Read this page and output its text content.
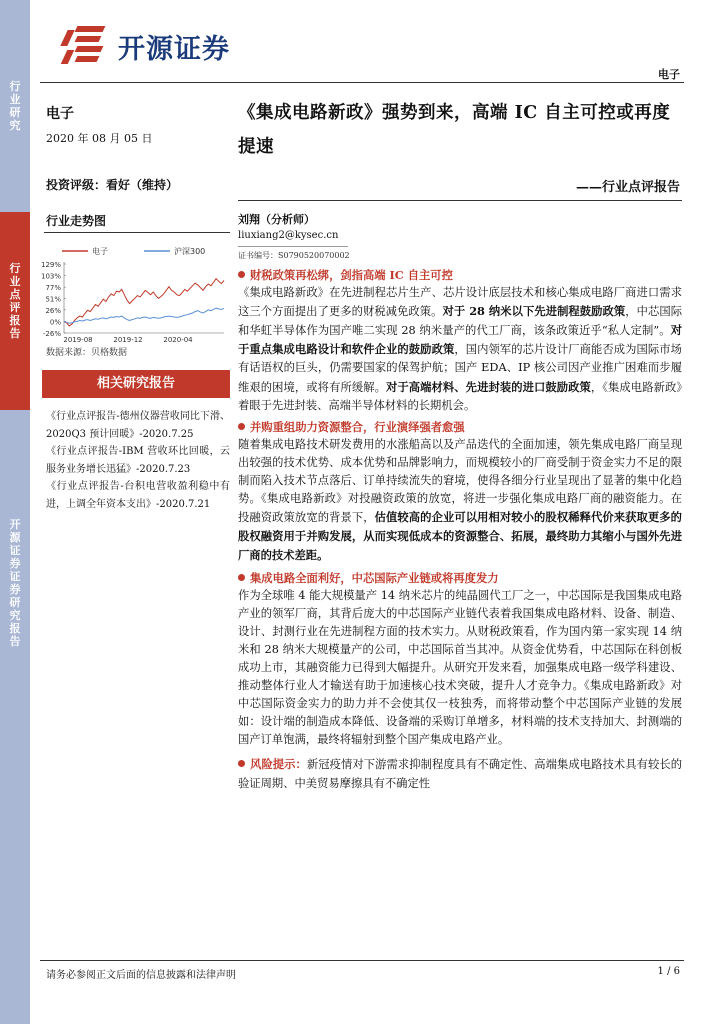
行业研究
行业点评报告
开源证券 证券研究报告
开源证券
电子
电子
2020 年 08 月 05 日
投资评级：看好（维持）
行业走势图
电子	沪深300
129%
103%
77%
51%
26%
0%
-26%
2019-08	2019-12	2020-04
数据来源：贝格数据
相关研究报告

《行业点评报告-德州仪器营收同比下滑、2020Q3 预计回暖》-2020.7.25

《行业点评报告-IBM 营收环比回暖，云服务业务增长迅猛》-2020.7.23

《行业点评报告-台积电营收盈利稳中有进，上调全年资本支出》-2020.7.21

《集成电路新政》强势到来，高端 IC 自主可控或再度提速
——行业点评报告
刘翔（分析师）
liuxiang2@kysec.cn
证书编号：S0790520070002
财税政策再松绑，剑指高端 IC 自主可控
《集成电路新政》在先进制程芯片生产、芯片设计底层技术和核心集成电路厂商进口需求这三个方面提出了更多的财税减免政策。对于 28 纳米以下先进制程鼓励政策，中芯国际和华虹半导体作为国产唯二实现 28 纳米量产的代工厂商，该条政策近乎“私人定制”。对于重点集成电路设计和软件企业的鼓励政策，国内领军的芯片设计厂商能否成为国际市场有话语权的巨头，仍需要国家的保驾护航；国产 EDA、IP 核公司因产业推广困难而步履维艰的困境，或将有所缓解。对于高端材料、先进封装的进口鼓励政策，《集成电路新政》着眼于先进封装、高端半导体材料的长期机会。
并购重组助力资源整合，行业演绎强者愈强
随着集成电路技术研发费用的水涨船高以及产品迭代的全面加速，领先集成电路厂商呈现出较强的技术优势、成本优势和品牌影响力，而规模较小的厂商受制于资金实力不足的限制而陷入技术节点落后、订单持续流失的窘境，使得各细分行业呈现出了显著的集中化趋势。《集成电路新政》对投融资政策的放宽，将进一步强化集成电路厂商的融资能力。在投融资政策放宽的背景下，估值较高的企业可以用相对较小的股权稀释代价来获取更多的股权融资用于并购发展，从而实现低成本的资源整合、拓展，最终助力其缩小与国外先进厂商的技术差距。
集成电路全面利好，中芯国际产业链或将再度发力
作为全球唯 4 能大规模量产 14 纳米芯片的纯晶圆代工厂之一，中芯国际是我国集成电路产业的领军厂商，其背后庞大的中芯国际产业链代表着我国集成电路材料、设备、制造、设计、封测行业在先进制程方面的技术实力。从财税政策看，作为国内第一家实现 14 纳米和 28 纳米大规模量产的公司，中芯国际首当其冲。从资金优势看，中芯国际在科创板成功上市，其融资能力已得到大幅提升。从研究开发来看，加强集成电路一级学科建设、推动整体行业人才输送有助于加速核心技术突破，提升人才竞争力。《集成电路新政》对中芯国际资金实力的助力并不会使其仅一枝独秀，而将带动整个中芯国际产业链的发展如：设计端的制造成本降低、设备端的采购订单增多，材料端的技术支持加大、封测端的国产订单饱满，最终将辐射到整个国产集成电路产业。
风险提示：新冠疫情对下游需求抑制程度具有不确定性、高端集成电路技术具有较长的验证周期、中美贸易摩擦具有不确定性
请务必参阅正文后面的信息披露和法律声明	1 / 6
